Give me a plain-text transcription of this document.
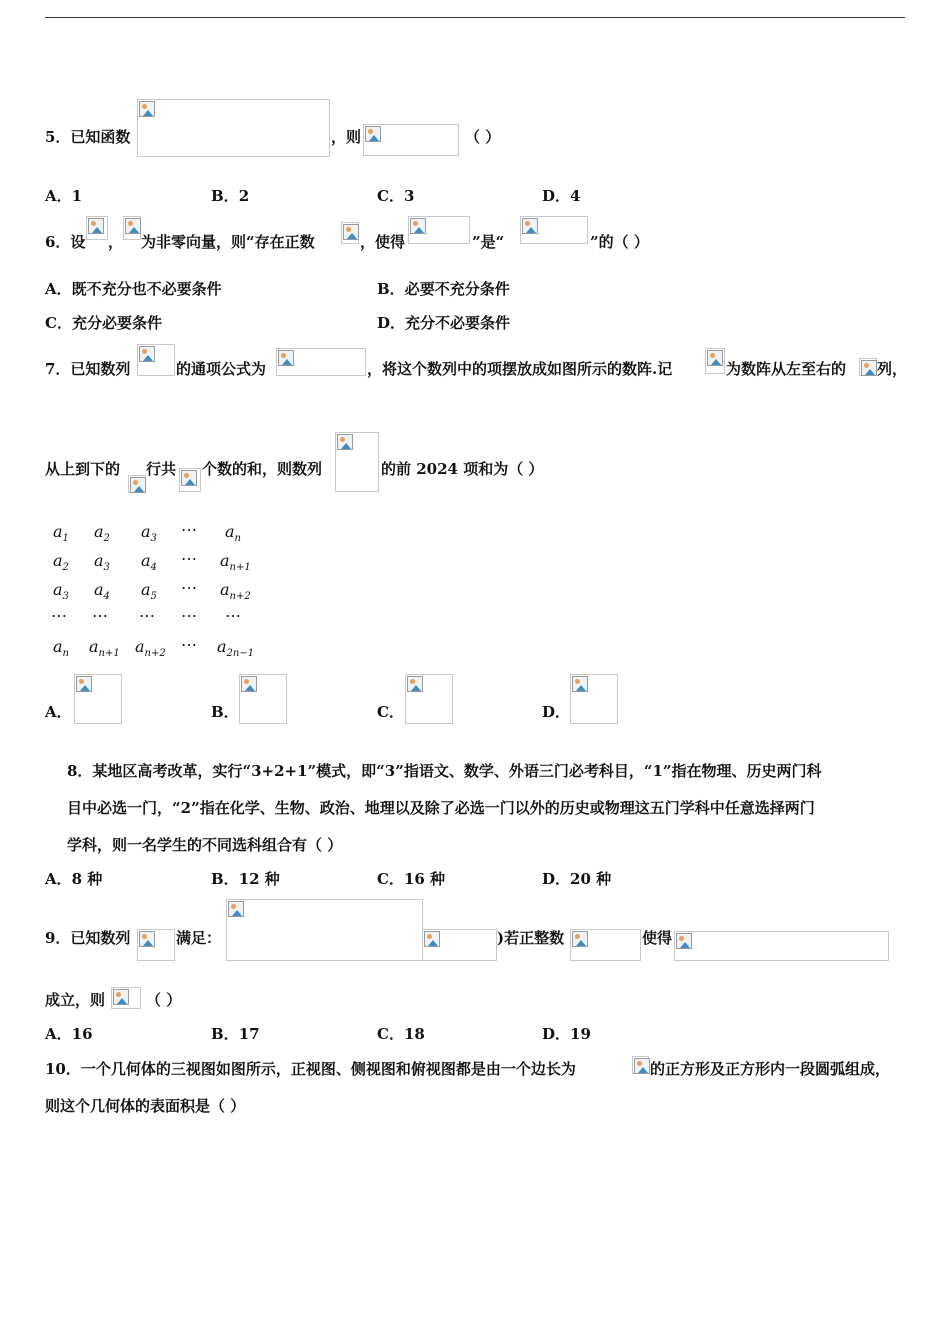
5．已知函数	，则	（ ）
A．1	B．2	C．3	D．4
6．设 ， 为非零向量，则“存在正数	，使得	”是“	”的（ ）
A．既不充分也不必要条件	B．必要不充分条件
C．充分必要条件	D．充分不必要条件
7．已知数列	的通项公式为	，将这个数列中的项摆放成如图所示的数阵.记	为数阵从左至右的 列，
从上到下的 行共 个数的和，则数列	的前 2024 项和为（ ）
$a_1$ $a_2$ $a_3$ ⋯ $a_n$
$a_2$ $a_3$ $a_4$ ⋯ $a_{n+1}$
$a_3$ $a_4$ $a_5$ ⋯ $a_{n+2}$
⋯ ⋯ ⋯ ⋯ ⋯
$a_n$ $a_{n+1}$ $a_{n+2}$ ⋯ $a_{2n-1}$
A．	B．	C．	D．
8．某地区高考改革，实行“3+2+1”模式，即“3”指语文、数学、外语三门必考科目，“1”指在物理、历史两门科
目中必选一门，“2”指在化学、生物、政治、地理以及除了必选一门以外的历史或物理这五门学科中任意选择两门
学科，则一名学生的不同选科组合有（ ）
A．8 种	B．12 种	C．16 种	D．20 种
9．已知数列	满足：	)若正整数	使得
成立，则	（ ）
A．16	B．17	C．18	D．19
10．一个几何体的三视图如图所示，正视图、侧视图和俯视图都是由一个边长为	的正方形及正方形内一段圆弧组成，
则这个几何体的表面积是（ ）
